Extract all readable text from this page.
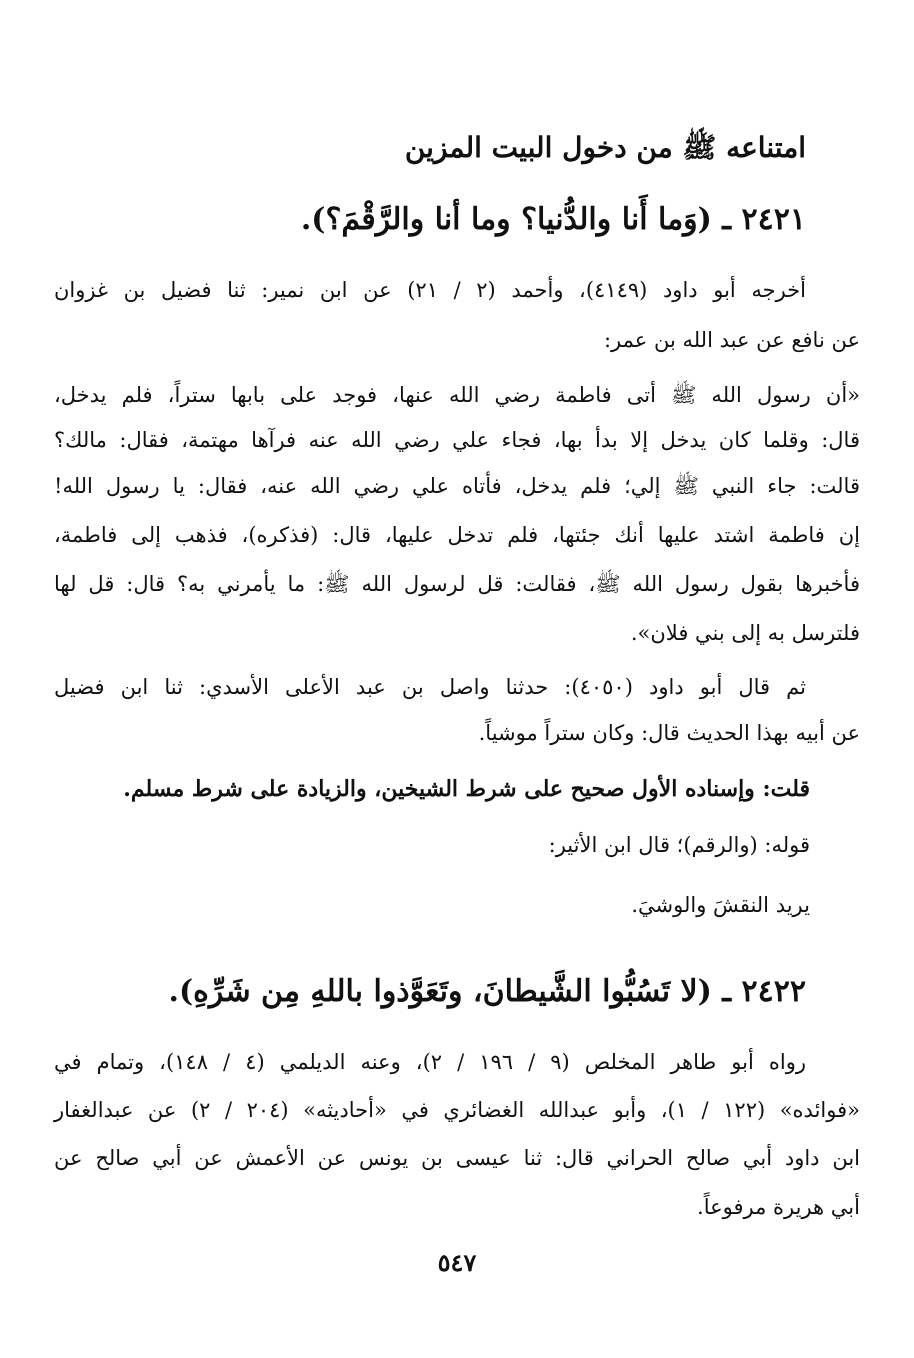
امتناعه ﷺ من دخول البيت المزين
٢٤٢١ ـ (وَما أَنا والدُّنيا؟ وما أنا والرَّقْمَ؟).
أخرجه أبو داود (٤١٤٩)، وأحمد (٢ / ٢١) عن ابن نمير: ثنا فضيل بن غزوان
عن نافع عن عبد الله بن عمر:
«أن رسول الله ﷺ أتى فاطمة رضي الله عنها، فوجد على بابها ستراً، فلم يدخل،
قال: وقلما كان يدخل إلا بدأ بها، فجاء علي رضي الله عنه فرآها مهتمة، فقال: مالك؟
قالت: جاء النبي ﷺ إلي؛ فلم يدخل، فأتاه علي رضي الله عنه، فقال: يا رسول الله!
إن فاطمة اشتد عليها أنك جئتها، فلم تدخل عليها، قال: (فذكره)، فذهب إلى فاطمة،
فأخبرها بقول رسول الله ﷺ، فقالت: قل لرسول الله ﷺ: ما يأمرني به؟ قال: قل لها
فلترسل به إلى بني فلان».
ثم قال أبو داود (٤٠٥٠): حدثنا واصل بن عبد الأعلى الأسدي: ثنا ابن فضيل
عن أبيه بهذا الحديث قال: وكان ستراً موشياً.
قلت: وإسناده الأول صحيح على شرط الشيخين، والزيادة على شرط مسلم.
قوله: (والرقم)؛ قال ابن الأثير:
يريد النقشَ والوشيَ.
٢٤٢٢ ـ (لا تَسُبُّوا الشَّيطانَ، وتَعَوَّذوا باللهِ مِن شَرِّهِ).
رواه أبو طاهر المخلص (٩ / ١٩٦ / ٢)، وعنه الديلمي (٤ / ١٤٨)، وتمام في
«فوائده» (١٢٢ / ١)، وأبو عبدالله الغضائري في «أحاديثه» (٢٠٤ / ٢) عن عبدالغفار
ابن داود أبي صالح الحراني قال: ثنا عيسى بن يونس عن الأعمش عن أبي صالح عن
أبي هريرة مرفوعاً.
٥٤٧
